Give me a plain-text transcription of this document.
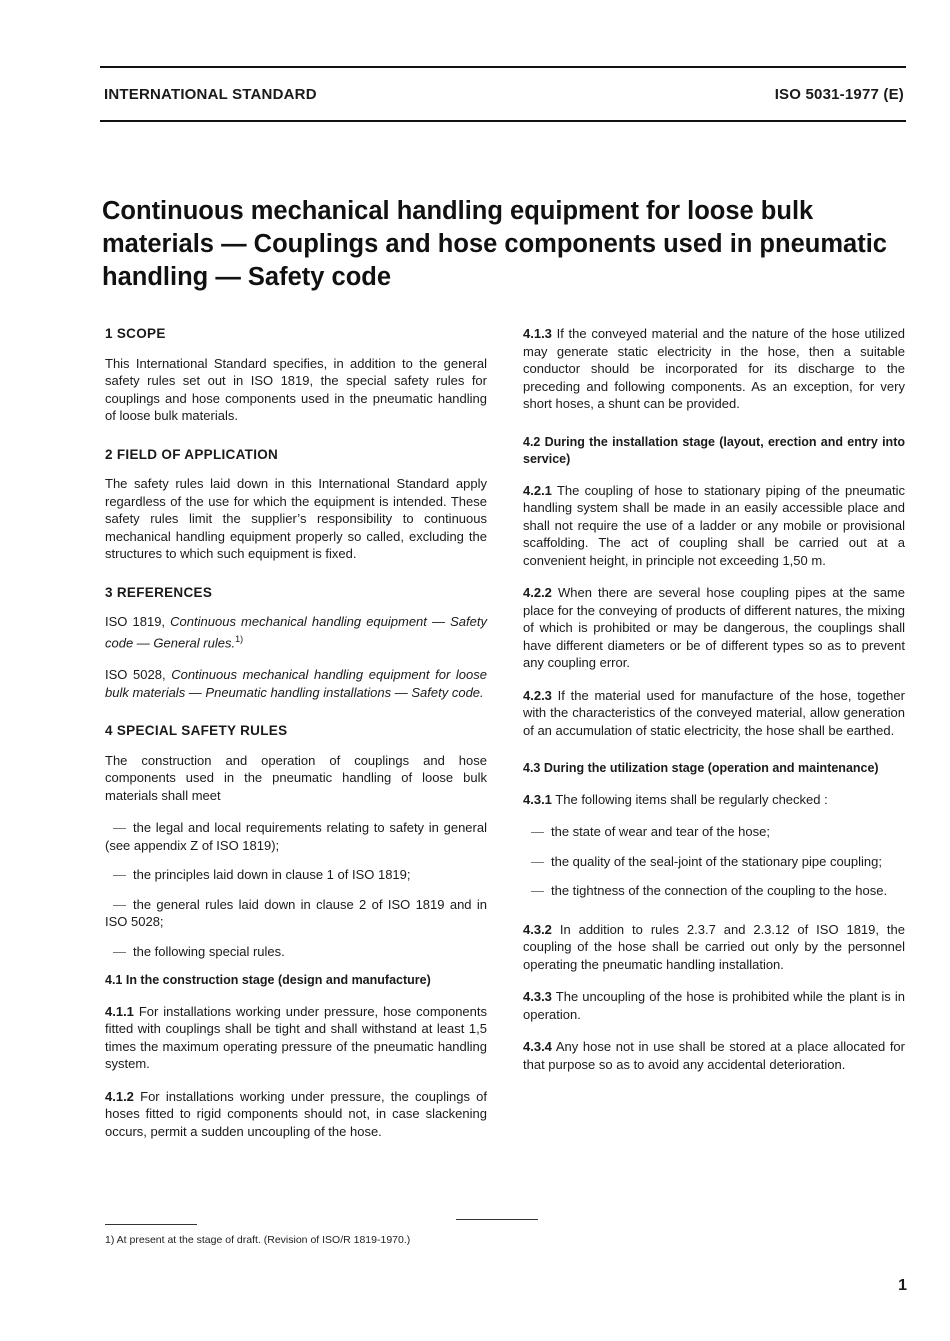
INTERNATIONAL STANDARD	ISO 5031-1977 (E)
Continuous mechanical handling equipment for loose bulk materials — Couplings and hose components used in pneumatic handling — Safety code
1 SCOPE

This International Standard specifies, in addition to the general safety rules set out in ISO 1819, the special safety rules for couplings and hose components used in the pneumatic handling of loose bulk materials.

2 FIELD OF APPLICATION

The safety rules laid down in this International Standard apply regardless of the use for which the equipment is intended. These safety rules limit the supplier’s responsibility to continuous mechanical handling equipment properly so called, excluding the structures to which such equipment is fixed.

3 REFERENCES

ISO 1819, Continuous mechanical handling equipment — Safety code — General rules.$^{1)}$

ISO 5028, Continuous mechanical handling equipment for loose bulk materials — Pneumatic handling installations — Safety code.

4 SPECIAL SAFETY RULES

The construction and operation of couplings and hose components used in the pneumatic handling of loose bulk materials shall meet

— the legal and local requirements relating to safety in general (see appendix Z of ISO 1819);
— the principles laid down in clause 1 of ISO 1819;
— the general rules laid down in clause 2 of ISO 1819 and in ISO 5028;
— the following special rules.
4.1 In the construction stage (design and manufacture)

4.1.1 For installations working under pressure, hose components fitted with couplings shall be tight and shall withstand at least 1,5 times the maximum operating pressure of the pneumatic handling system.

4.1.2 For installations working under pressure, the couplings of hoses fitted to rigid components should not, in case slackening occurs, permit a sudden uncoupling of the hose.

4.1.3 If the conveyed material and the nature of the hose utilized may generate static electricity in the hose, then a suitable conductor should be incorporated for its discharge to the preceding and following components. As an exception, for very short hoses, a shunt can be provided.

4.2 During the installation stage (layout, erection and entry into service)

4.2.1 The coupling of hose to stationary piping of the pneumatic handling system shall be made in an easily accessible place and shall not require the use of a ladder or any mobile or provisional scaffolding. The act of coupling shall be carried out at a convenient height, in principle not exceeding 1,50 m.

4.2.2 When there are several hose coupling pipes at the same place for the conveying of products of different natures, the mixing of which is prohibited or may be dangerous, the couplings shall have different diameters or be of different types so as to prevent any coupling error.

4.2.3 If the material used for manufacture of the hose, together with the characteristics of the conveyed material, allow generation of an accumulation of static electricity, the hose shall be earthed.

4.3 During the utilization stage (operation and maintenance)

4.3.1 The following items shall be regularly checked :

— the state of wear and tear of the hose;
— the quality of the seal-joint of the stationary pipe coupling;
— the tightness of the connection of the coupling to the hose.

4.3.2 In addition to rules 2.3.7 and 2.3.12 of ISO 1819, the coupling of the hose shall be carried out only by the personnel operating the pneumatic handling installation.

4.3.3 The uncoupling of the hose is prohibited while the plant is in operation.

4.3.4 Any hose not in use shall be stored at a place allocated for that purpose so as to avoid any accidental deterioration.

1) At present at the stage of draft. (Revision of ISO/R 1819-1970.)
1
